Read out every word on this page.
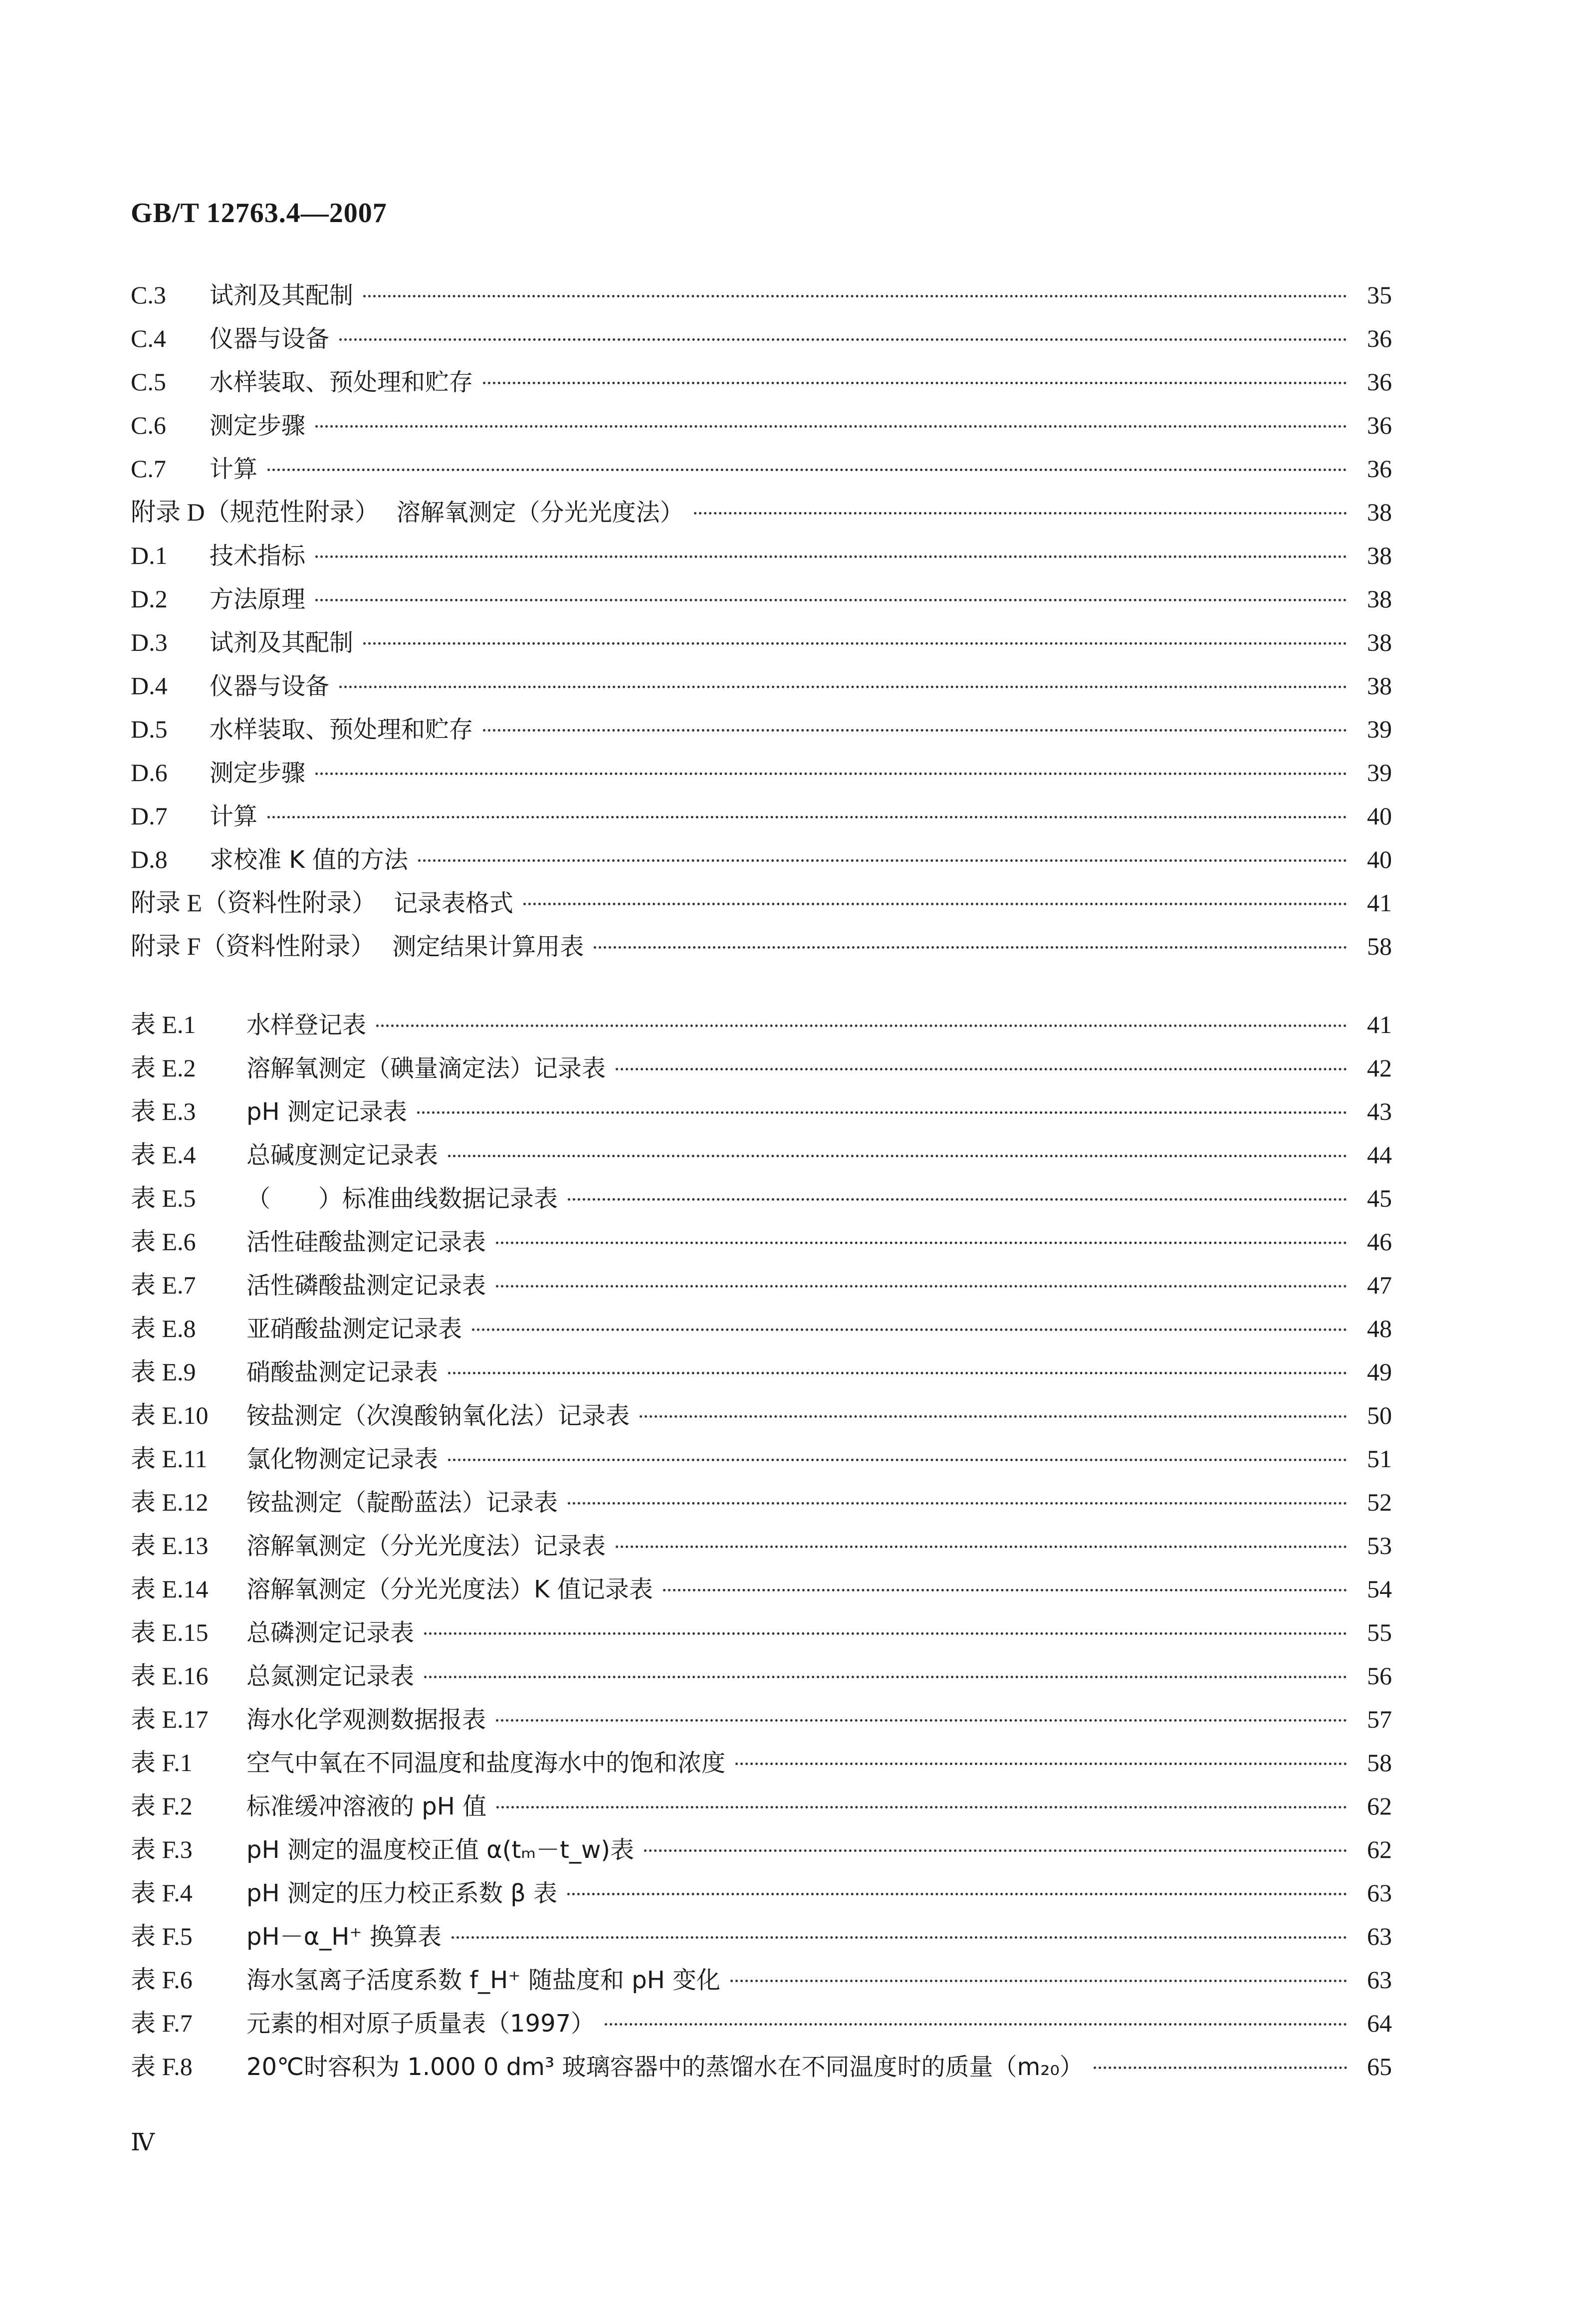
GB/T 12763.4—2007
C.3	试剂及其配制	35
C.4	仪器与设备	36
C.5	水样装取、预处理和贮存	36
C.6	测定步骤	36
C.7	计算	36
附录 D（规范性附录） 溶解氧测定（分光光度法）	38
D.1	技术指标	38
D.2	方法原理	38
D.3	试剂及其配制	38
D.4	仪器与设备	38
D.5	水样装取、预处理和贮存	39
D.6	测定步骤	39
D.7	计算	40
D.8	求校准 K 值的方法	40
附录 E（资料性附录） 记录表格式	41
附录 F（资料性附录） 测定结果计算用表	58
表 E.1	水样登记表	41
表 E.2	溶解氧测定（碘量滴定法）记录表	42
表 E.3	pH 测定记录表	43
表 E.4	总碱度测定记录表	44
表 E.5	（　　）标准曲线数据记录表	45
表 E.6	活性硅酸盐测定记录表	46
表 E.7	活性磷酸盐测定记录表	47
表 E.8	亚硝酸盐测定记录表	48
表 E.9	硝酸盐测定记录表	49
表 E.10	铵盐测定（次溴酸钠氧化法）记录表	50
表 E.11	氯化物测定记录表	51
表 E.12	铵盐测定（靛酚蓝法）记录表	52
表 E.13	溶解氧测定（分光光度法）记录表	53
表 E.14	溶解氧测定（分光光度法）K 值记录表	54
表 E.15	总磷测定记录表	55
表 E.16	总氮测定记录表	56
表 E.17	海水化学观测数据报表	57
表 F.1	空气中氧在不同温度和盐度海水中的饱和浓度	58
表 F.2	标准缓冲溶液的 pH 值	62
表 F.3	pH 测定的温度校正值 α(tₘ－t_w)表	62
表 F.4	pH 测定的压力校正系数 β 表	63
表 F.5	pH－α_H⁺ 换算表	63
表 F.6	海水氢离子活度系数 f_H⁺ 随盐度和 pH 变化	63
表 F.7	元素的相对原子质量表（1997）	64
表 F.8	20℃时容积为 1.000 0 dm³ 玻璃容器中的蒸馏水在不同温度时的质量（m₂₀）	65
Ⅳ
